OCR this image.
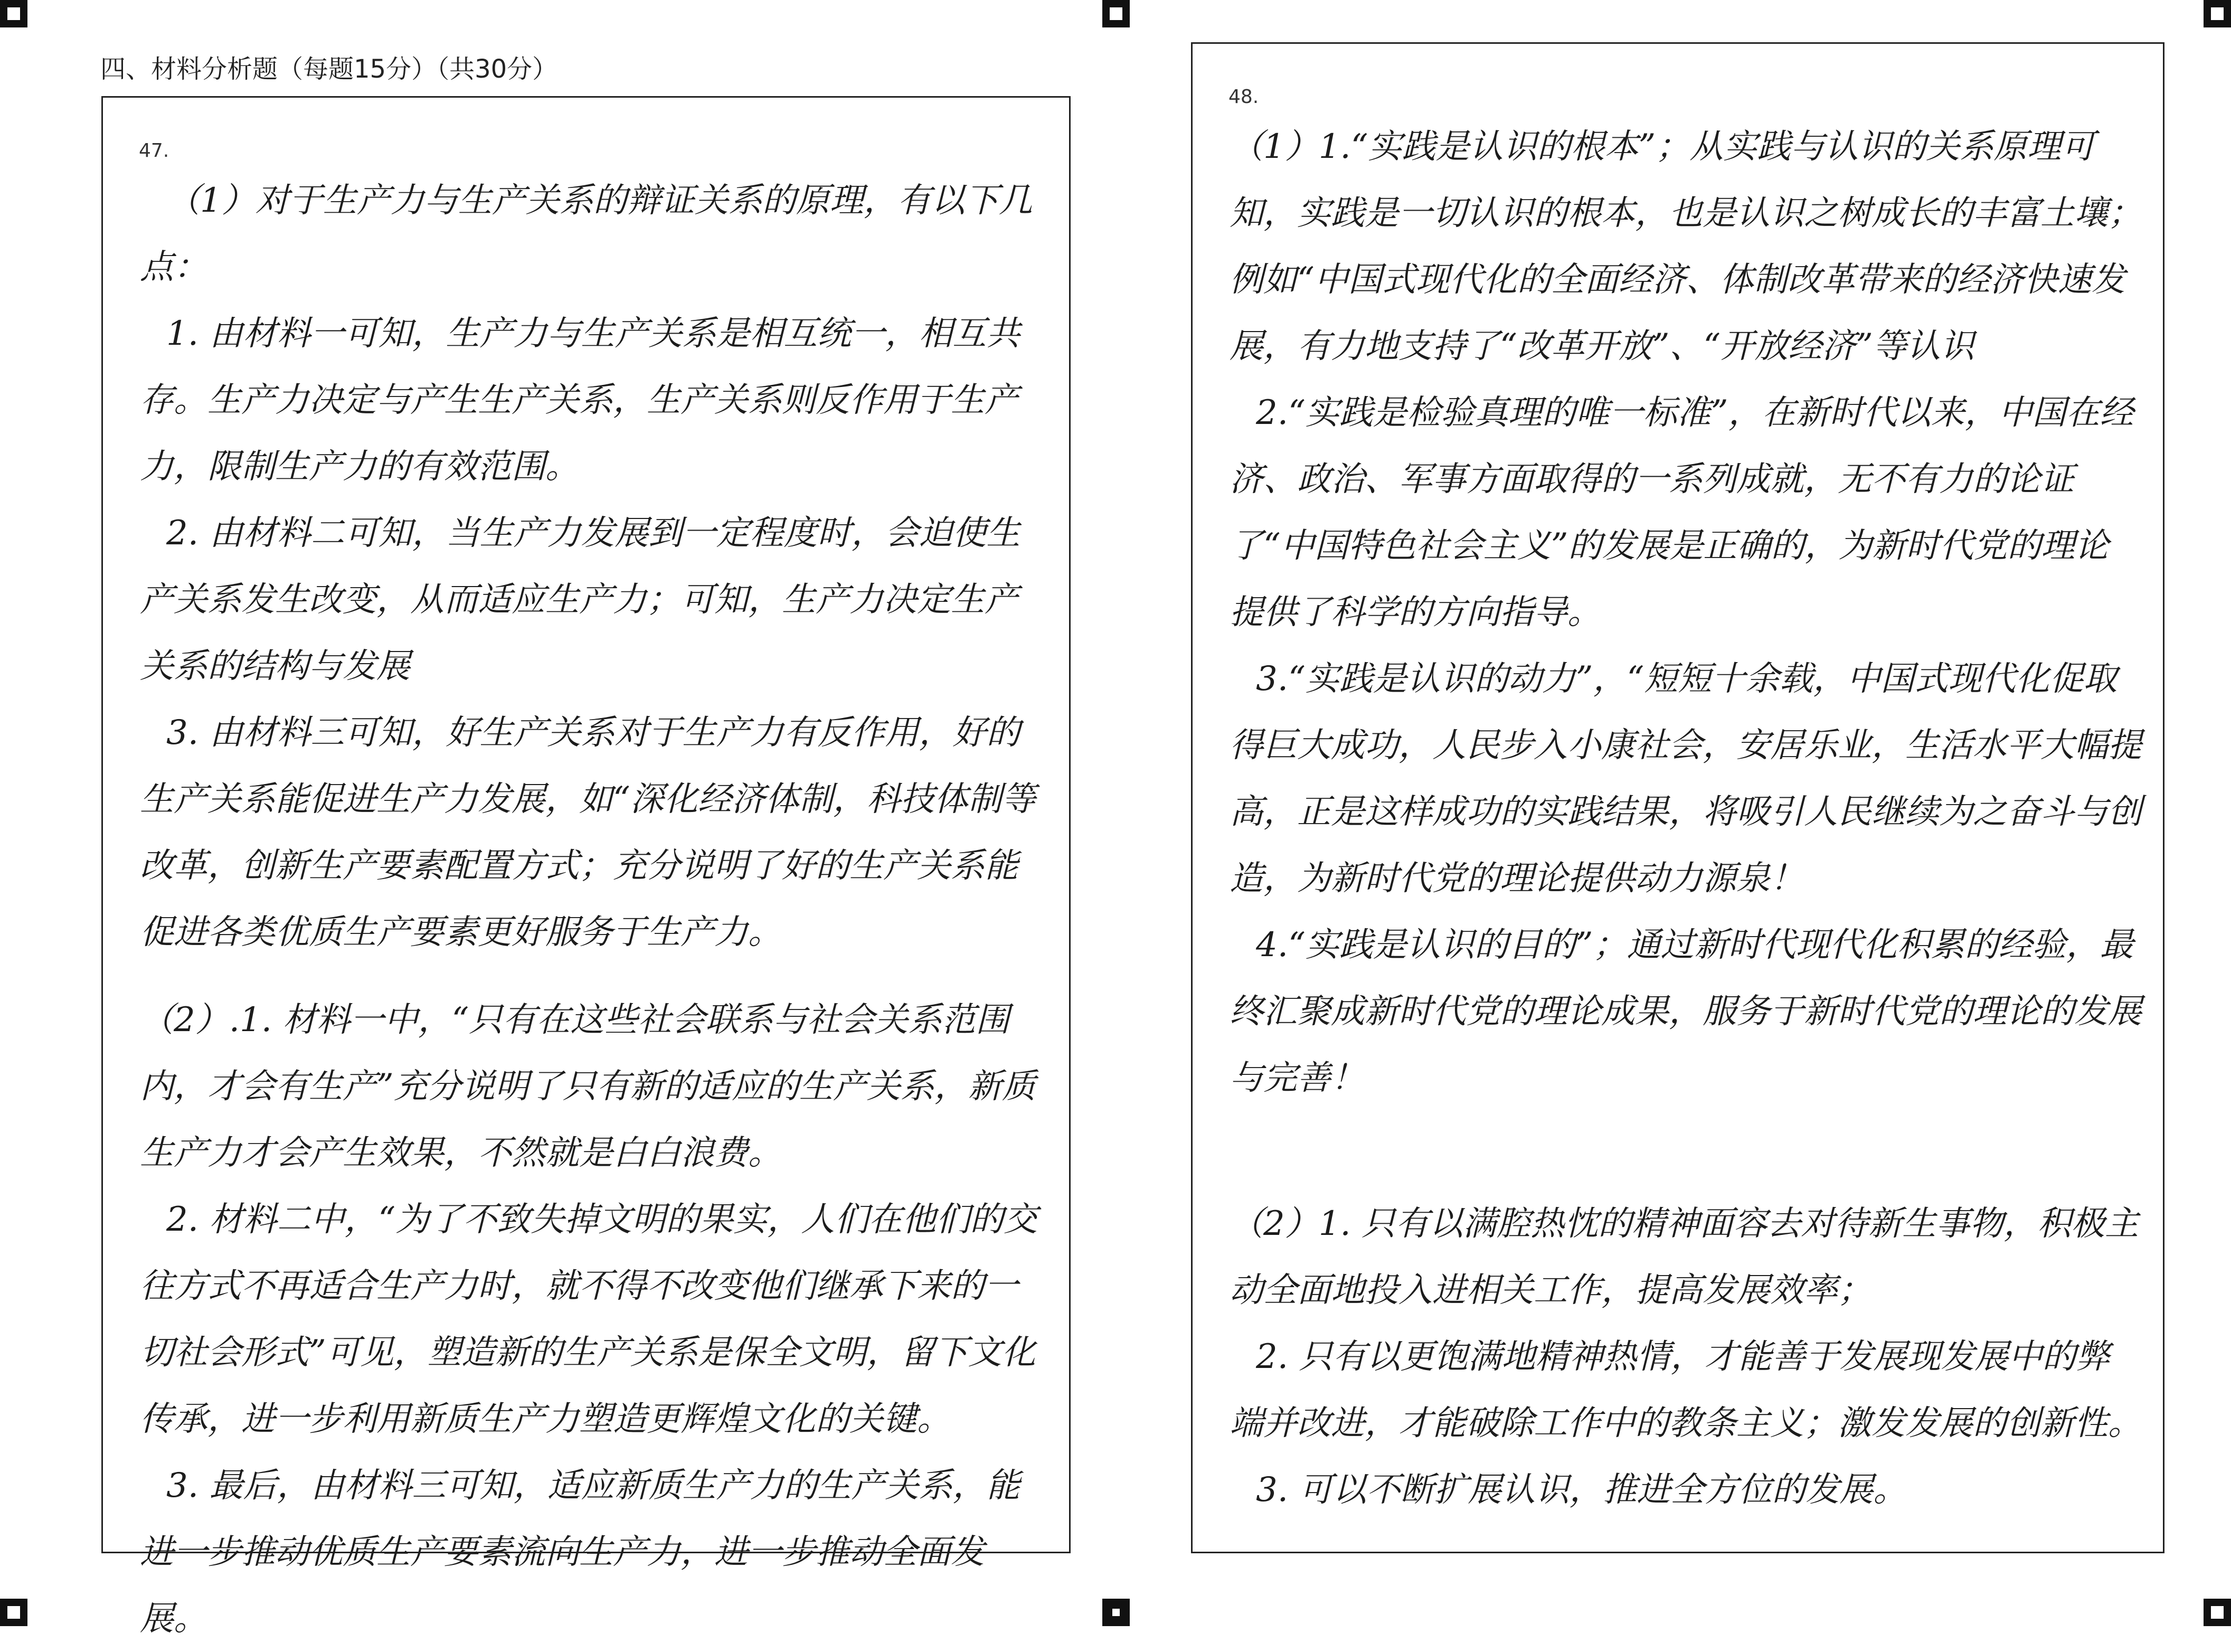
四、材料分析题（每题15分）（共30分）
47.

（1）对于生产力与生产关系的辩证关系的原理，有以下几点：

1. 由材料一可知，生产力与生产关系是相互统一，相互共存。生产力决定与产生生产关系，生产关系则反作用于生产力，限制生产力的有效范围。

2. 由材料二可知，当生产力发展到一定程度时，会迫使生产关系发生改变，从而适应生产力；可知，生产力决定生产关系的结构与发展

3. 由材料三可知，好生产关系对于生产力有反作用，好的生产关系能促进生产力发展，如“深化经济体制，科技体制等改革，创新生产要素配置方式；充分说明了好的生产关系能促进各类优质生产要素更好服务于生产力。

（2）.1. 材料一中，“只有在这些社会联系与社会关系范围内，才会有生产”充分说明了只有新的适应的生产关系，新质生产力才会产生效果，不然就是白白浪费。

2. 材料二中，“为了不致失掉文明的果实，人们在他们的交往方式不再适合生产力时，就不得不改变他们继承下来的一切社会形式”可见，塑造新的生产关系是保全文明，留下文化传承，进一步利用新质生产力塑造更辉煌文化的关键。

3. 最后，由材料三可知，适应新质生产力的生产关系，能进一步推动优质生产要素流向生产力，进一步推动全面发展。

48.

（1）1.“实践是认识的根本”；从实践与认识的关系原理可知，实践是一切认识的根本，也是认识之树成长的丰富土壤；例如“中国式现代化的全面经济、体制改革带来的经济快速发展，有力地支持了“改革开放”、“开放经济”等认识

2.“实践是检验真理的唯一标准”，在新时代以来，中国在经济、政治、军事方面取得的一系列成就，无不有力的论证了“中国特色社会主义”的发展是正确的，为新时代党的理论提供了科学的方向指导。

3.“实践是认识的动力”，“短短十余载，中国式现代化促取得巨大成功，人民步入小康社会，安居乐业，生活水平大幅提高，正是这样成功的实践结果，将吸引人民继续为之奋斗与创造，为新时代党的理论提供动力源泉！

4.“实践是认识的目的”；通过新时代现代化积累的经验，最终汇聚成新时代党的理论成果，服务于新时代党的理论的发展与完善！

（2）1. 只有以满腔热忱的精神面容去对待新生事物，积极主动全面地投入进相关工作，提高发展效率；

2. 只有以更饱满地精神热情，才能善于发展现发展中的弊端并改进，才能破除工作中的教条主义；激发发展的创新性。

3. 可以不断扩展认识，推进全方位的发展。
